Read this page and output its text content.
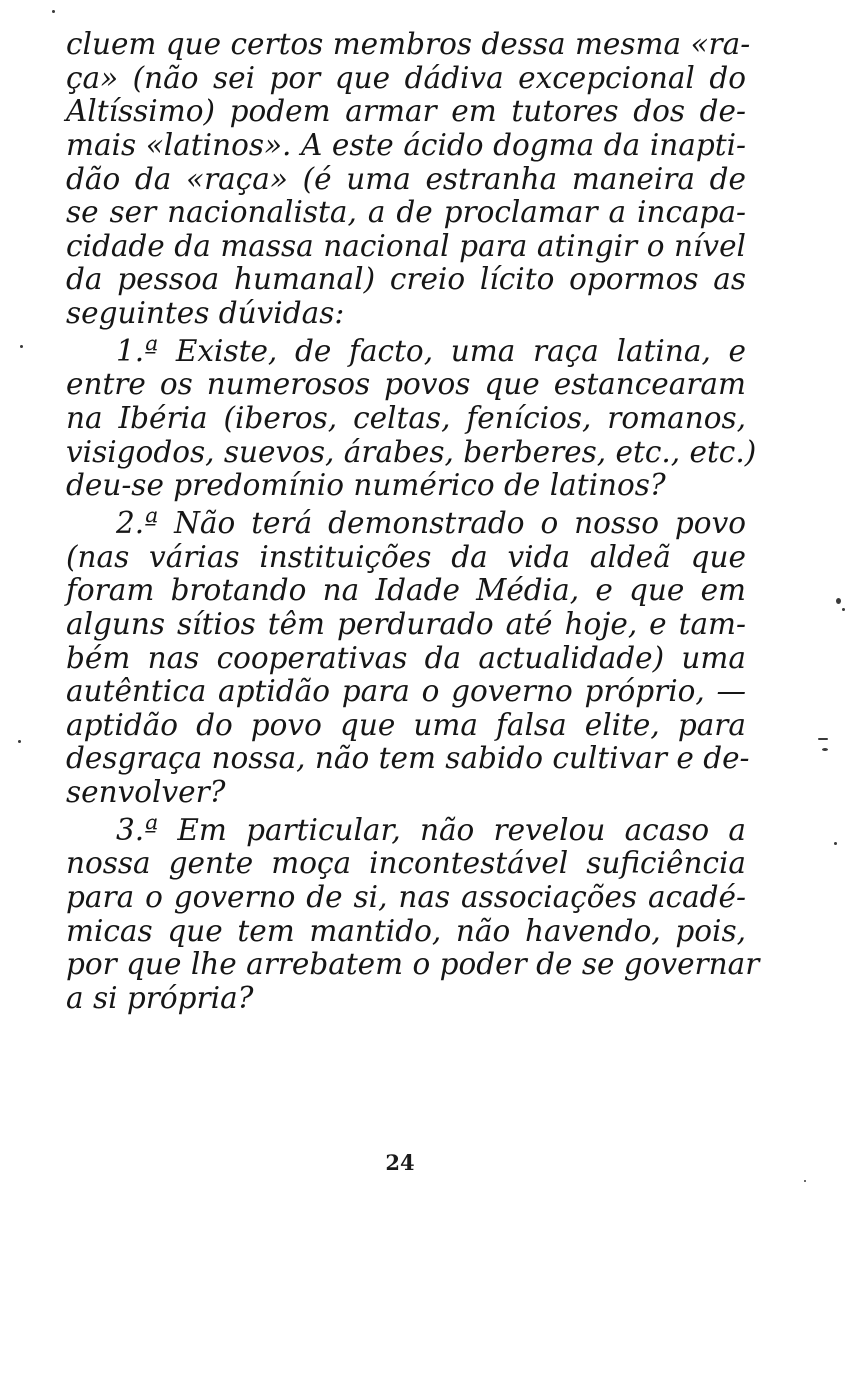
cluem que certos membros dessa mesma «ra-
ça» (não sei por que dádiva excepcional do
Altíssimo) podem armar em tutores dos de-
mais «latinos». A este ácido dogma da inapti-
dão da «raça» (é uma estranha maneira de
se ser nacionalista, a de proclamar a incapa-
cidade da massa nacional para atingir o nível
da pessoa humanal) creio lícito opormos as
seguintes dúvidas:
1.ª Existe, de facto, uma raça latina, e
entre os numerosos povos que estancearam
na Ibéria (iberos, celtas, fenícios, romanos,
visigodos, suevos, árabes, berberes, etc., etc.)
deu-se predomínio numérico de latinos?
2.ª Não terá demonstrado o nosso povo
(nas várias instituições da vida aldeã que
foram brotando na Idade Média, e que em
alguns sítios têm perdurado até hoje, e tam-
bém nas cooperativas da actualidade) uma
autêntica aptidão para o governo próprio, —
aptidão do povo que uma falsa elite, para
desgraça nossa, não tem sabido cultivar e de-
senvolver?
3.ª Em particular, não revelou acaso a
nossa gente moça incontestável suficiência
para o governo de si, nas associações acadé-
micas que tem mantido, não havendo, pois,
por que lhe arrebatem o poder de se governar
a si própria?
24
